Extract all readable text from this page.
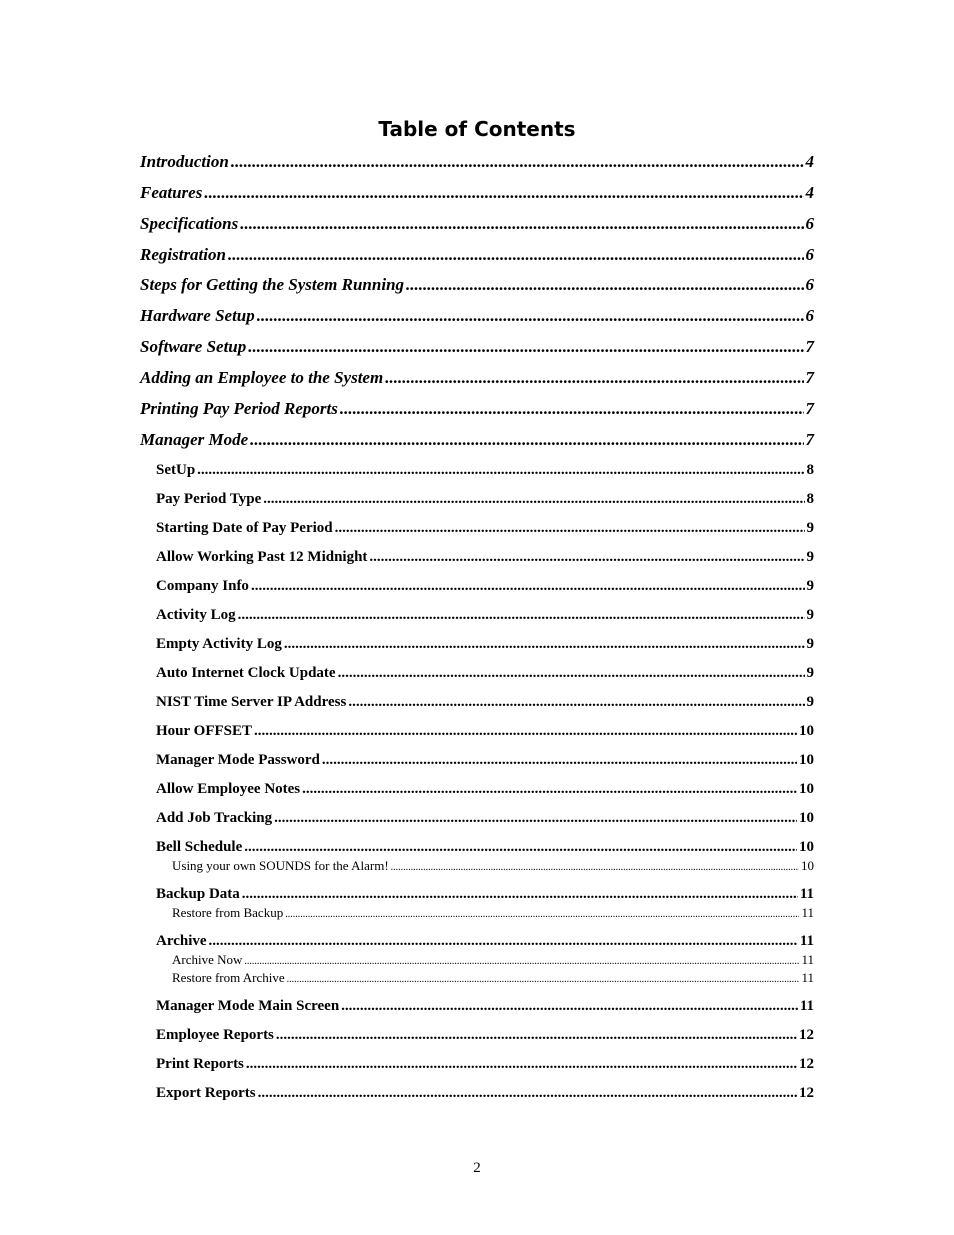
Table of Contents
Introduction .....	4
Features .....	4
Specifications .....	6
Registration .....	6
Steps for Getting the System Running .....	6
Hardware Setup .....	6
Software Setup .....	7
Adding an Employee to the System .....	7
Printing Pay Period Reports .....	7
Manager Mode .....	7
SetUp .....	8
Pay Period Type .....	8
Starting Date of Pay Period .....	9
Allow Working Past 12 Midnight .....	9
Company Info .....	9
Activity Log .....	9
Empty Activity Log .....	9
Auto Internet Clock Update .....	9
NIST Time Server IP Address .....	9
Hour OFFSET .....	10
Manager Mode Password .....	10
Allow Employee Notes .....	10
Add Job Tracking .....	10
Bell Schedule .....	10
Using your own SOUNDS for the Alarm! .....	10
Backup Data .....	11
Restore from Backup .....	11
Archive .....	11
Archive Now .....	11
Restore from Archive .....	11
Manager Mode Main Screen .....	11
Employee Reports .....	12
Print Reports .....	12
Export Reports .....	12
2
